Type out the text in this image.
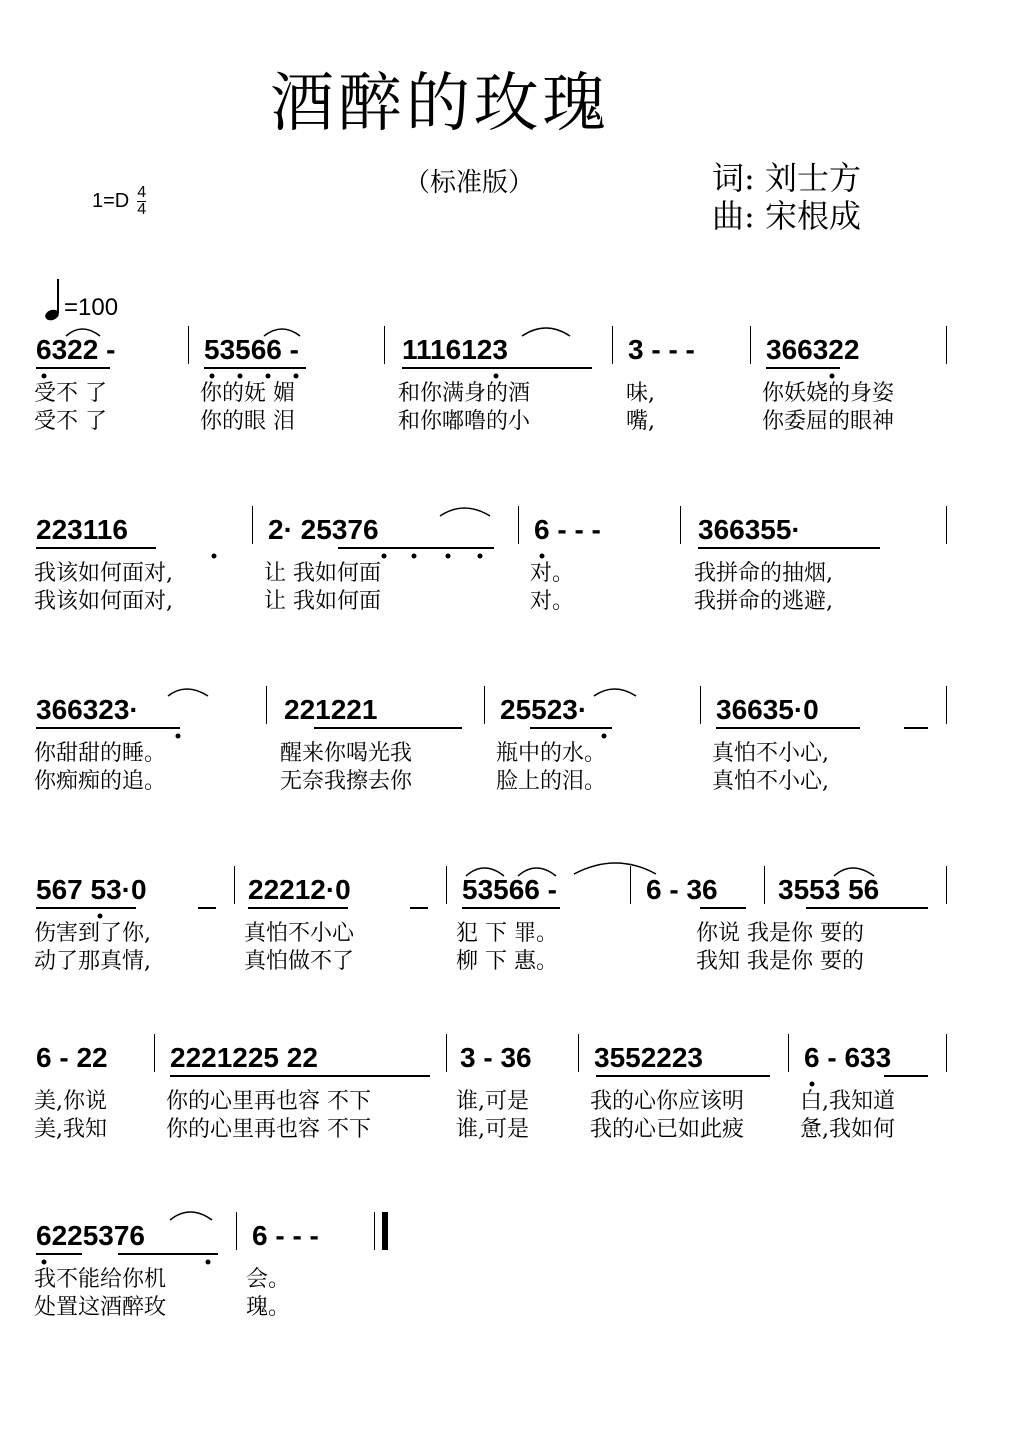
酒醉的玫瑰
（标准版）	词: 刘士方
曲: 宋根成
$1=D \frac{4}{4}$
=100
6322 -	53566 -	1116123	3 - - -	366322
受不 了	你的妩 媚	和你满身的酒	味,	你妖娆的身姿
受不 了	你的眼 泪	和你嘟噜的小	嘴,	你委屈的眼神
223116	2· 25376	6 - - -	366355·
我该如何面对,	让 我如何面	对。	我拼命的抽烟,
我该如何面对,	让 我如何面	对。	我拼命的逃避,
366323·	221221	25523·	36635·0
你甜甜的睡。	醒来你喝光我	瓶中的水。	真怕不小心,
你痴痴的追。	无奈我擦去你	脸上的泪。	真怕不小心,
567 53·0	22212·0	53566 -	6 - 36	3553 56
伤害到了你,	真怕不小心	犯 下 罪。	你说 我是你 要的
动了那真情,	真怕做不了	柳 下 惠。	我知 我是你 要的
6 - 22	2221225 22	3 - 36	3552223	6 - 633
美,你说	你的心里再也容 不下	谁,可是	我的心你应该明	白,我知道
美,我知	你的心里再也容 不下	谁,可是	我的心已如此疲	惫,我如何
6225376	6 - - -
我不能给你机	会。
处置这酒醉玫	瑰。
